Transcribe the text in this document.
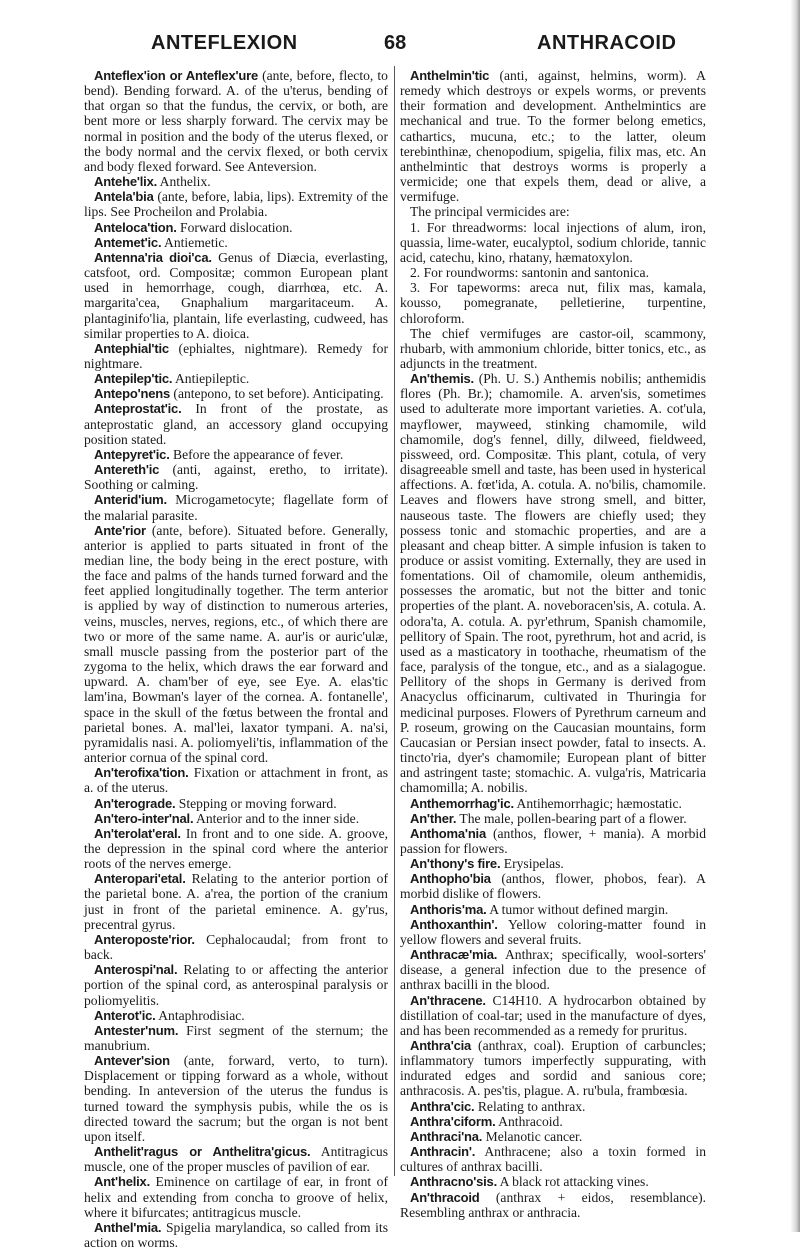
ANTEFLEXION	68	ANTHRACOID

Anteflex'ion or Anteflex'ure (ante, before, flecto, to bend). Bending forward. A. of the u'terus, bending of that organ so that the fundus, the cervix, or both, are bent more or less sharply forward. The cervix may be normal in position and the body of the uterus flexed, or the body normal and the cervix flexed, or both cervix and body flexed forward. See Anteversion.

Antehe'lix. Anthelix.

Antela'bia (ante, before, labia, lips). Extremity of the lips. See Procheilon and Prolabia.

Anteloca'tion. Forward dislocation.

Antemet'ic. Antiemetic.

Antenna'ria dioi'ca. Genus of Diæcia, everlasting, catsfoot, ord. Compositæ; common European plant used in hemorrhage, cough, diarrhœa, etc. A. margarita'cea, Gnaphalium margaritaceum. A. plantaginifo'lia, plantain, life everlasting, cudweed, has similar properties to A. dioica.

Antephial'tic (ephialtes, nightmare). Remedy for nightmare.

Antepilep'tic. Antiepileptic.

Antepo'nens (antepono, to set before). Anticipating.

Anteprostat'ic. In front of the prostate, as anteprostatic gland, an accessory gland occupying position stated.

Antepyret'ic. Before the appearance of fever.

Antereth'ic (anti, against, eretho, to irritate). Soothing or calming.

Anterid'ium. Microgametocyte; flagellate form of the malarial parasite.

Ante'rior (ante, before). Situated before. Generally, anterior is applied to parts situated in front of the median line, the body being in the erect posture, with the face and palms of the hands turned forward and the feet applied longitudinally together. The term anterior is applied by way of distinction to numerous arteries, veins, muscles, nerves, regions, etc., of which there are two or more of the same name. A. aur'is or auric'ulæ, small muscle passing from the posterior part of the zygoma to the helix, which draws the ear forward and upward. A. cham'ber of eye, see Eye. A. elas'tic lam'ina, Bowman's layer of the cornea. A. fontanelle', space in the skull of the fœtus between the frontal and parietal bones. A. mal'lei, laxator tympani. A. na'si, pyramidalis nasi. A. poliomyeli'tis, inflammation of the anterior cornua of the spinal cord.

An'terofixa'tion. Fixation or attachment in front, as a. of the uterus.

An'terograde. Stepping or moving forward.

An'tero-inter'nal. Anterior and to the inner side.

An'terolat'eral. In front and to one side. A. groove, the depression in the spinal cord where the anterior roots of the nerves emerge.

Anteropari'etal. Relating to the anterior portion of the parietal bone. A. a'rea, the portion of the cranium just in front of the parietal eminence. A. gy'rus, precentral gyrus.

Anteroposte'rior. Cephalocaudal; from front to back.

Anterospi'nal. Relating to or affecting the anterior portion of the spinal cord, as anterospinal paralysis or poliomyelitis.

Anterot'ic. Antaphrodisiac.

Antester'num. First segment of the sternum; the manubrium.

Antever'sion (ante, forward, verto, to turn). Displacement or tipping forward as a whole, without bending. In anteversion of the uterus the fundus is turned toward the symphysis pubis, while the os is directed toward the sacrum; but the organ is not bent upon itself.

Anthelit'ragus or Anthelitra'gicus. Antitragicus muscle, one of the proper muscles of pavilion of ear.

Ant'helix. Eminence on cartilage of ear, in front of helix and extending from concha to groove of helix, where it bifurcates; antitragicus muscle.

Anthel'mia. Spigelia marylandica, so called from its action on worms.

Anthelmin'tic (anti, against, helmins, worm). A remedy which destroys or expels worms, or prevents their formation and development. Anthelmintics are mechanical and true. To the former belong emetics, cathartics, mucuna, etc.; to the latter, oleum terebinthinæ, chenopodium, spigelia, filix mas, etc. An anthelmintic that destroys worms is properly a vermicide; one that expels them, dead or alive, a vermifuge.

The principal vermicides are:

1. For threadworms: local injections of alum, iron, quassia, lime-water, eucalyptol, sodium chloride, tannic acid, catechu, kino, rhatany, hæmatoxylon.

2. For roundworms: santonin and santonica.

3. For tapeworms: areca nut, filix mas, kamala, kousso, pomegranate, pelletierine, turpentine, chloroform.

The chief vermifuges are castor-oil, scammony, rhubarb, with ammonium chloride, bitter tonics, etc., as adjuncts in the treatment.

An'themis. (Ph. U. S.) Anthemis nobilis; anthemidis flores (Ph. Br.); chamomile. A. arven'sis, sometimes used to adulterate more important varieties. A. cot'ula, mayflower, mayweed, stinking chamomile, wild chamomile, dog's fennel, dilly, dilweed, fieldweed, pissweed, ord. Compositæ. This plant, cotula, of very disagreeable smell and taste, has been used in hysterical affections. A. fœt'ida, A. cotula. A. no'bilis, chamomile. Leaves and flowers have strong smell, and bitter, nauseous taste. The flowers are chiefly used; they possess tonic and stomachic properties, and are a pleasant and cheap bitter. A simple infusion is taken to produce or assist vomiting. Externally, they are used in fomentations. Oil of chamomile, oleum anthemidis, possesses the aromatic, but not the bitter and tonic properties of the plant. A. noveboracen'sis, A. cotula. A. odora'ta, A. cotula. A. pyr'ethrum, Spanish chamomile, pellitory of Spain. The root, pyrethrum, hot and acrid, is used as a masticatory in toothache, rheumatism of the face, paralysis of the tongue, etc., and as a sialagogue. Pellitory of the shops in Germany is derived from Anacyclus officinarum, cultivated in Thuringia for medicinal purposes. Flowers of Pyrethrum carneum and P. roseum, growing on the Caucasian mountains, form Caucasian or Persian insect powder, fatal to insects. A. tincto'ria, dyer's chamomile; European plant of bitter and astringent taste; stomachic. A. vulga'ris, Matricaria chamomilla; A. nobilis.

Anthemorrhag'ic. Antihemorrhagic; hæmostatic.

An'ther. The male, pollen-bearing part of a flower.

Anthoma'nia (anthos, flower, + mania). A morbid passion for flowers.

An'thony's fire. Erysipelas.

Anthopho'bia (anthos, flower, phobos, fear). A morbid dislike of flowers.

Anthoris'ma. A tumor without defined margin.

Anthoxanthin'. Yellow coloring-matter found in yellow flowers and several fruits.

Anthracæ'mia. Anthrax; specifically, wool-sorters' disease, a general infection due to the presence of anthrax bacilli in the blood.

An'thracene. C14H10. A hydrocarbon obtained by distillation of coal-tar; used in the manufacture of dyes, and has been recommended as a remedy for pruritus.

Anthra'cia (anthrax, coal). Eruption of carbuncles; inflammatory tumors imperfectly suppurating, with indurated edges and sordid and sanious core; anthracosis. A. pes'tis, plague. A. ru'bula, frambœsia.

Anthra'cic. Relating to anthrax.

Anthra'ciform. Anthracoid.

Anthraci'na. Melanotic cancer.

Anthracin'. Anthracene; also a toxin formed in cultures of anthrax bacilli.

Anthracno'sis. A black rot attacking vines.

An'thracoid (anthrax + eidos, resemblance). Resembling anthrax or anthracia.
